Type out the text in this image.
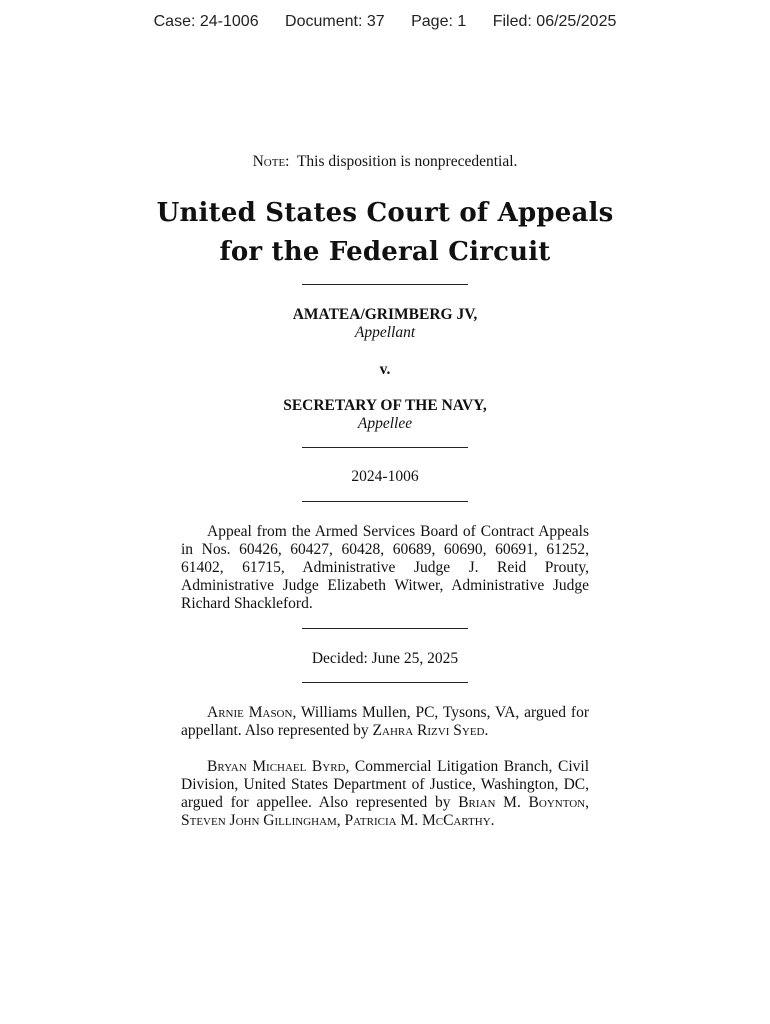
Case: 24-1006 Document: 37 Page: 1 Filed: 06/25/2025
Note: This disposition is nonprecedential.
United States Court of Appeals
for the Federal Circuit
AMATEA/GRIMBERG JV,
Appellant
v.
SECRETARY OF THE NAVY,
Appellee
2024-1006
Appeal from the Armed Services Board of Contract Appeals in Nos. 60426, 60427, 60428, 60689, 60690, 60691, 61252, 61402, 61715, Administrative Judge J. Reid Prouty, Administrative Judge Elizabeth Witwer, Administrative Judge Richard Shackleford.
Decided: June 25, 2025
Arnie Mason, Williams Mullen, PC, Tysons, VA, argued for appellant. Also represented by Zahra Rizvi Syed.
Bryan Michael Byrd, Commercial Litigation Branch, Civil Division, United States Department of Justice, Washington, DC, argued for appellee. Also represented by Brian M. Boynton, Steven John Gillingham, Patricia M. McCarthy.
